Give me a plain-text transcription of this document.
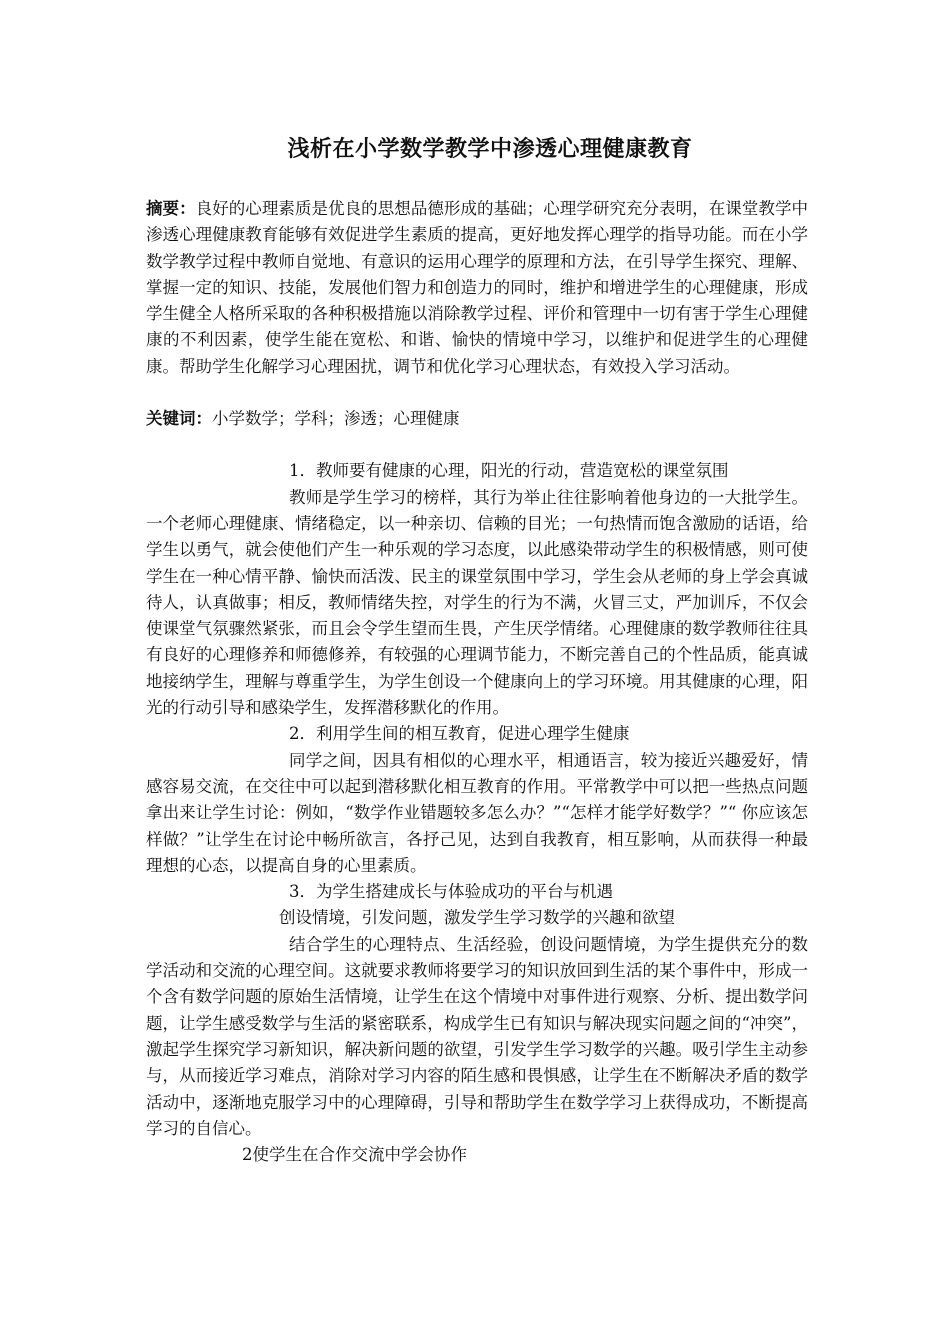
浅析在小学数学教学中渗透心理健康教育

摘要：良好的心理素质是优良的思想品德形成的基础；心理学研究充分表明，在课堂教学中渗透心理健康教育能够有效促进学生素质的提高，更好地发挥心理学的指导功能。而在小学数学教学过程中教师自觉地、有意识的运用心理学的原理和方法，在引导学生探究、理解、掌握一定的知识、技能，发展他们智力和创造力的同时，维护和增进学生的心理健康，形成学生健全人格所采取的各种积极措施以消除教学过程、评价和管理中一切有害于学生心理健康的不利因素，使学生能在宽松、和谐、愉快的情境中学习，以维护和促进学生的心理健康。帮助学生化解学习心理困扰，调节和优化学习心理状态，有效投入学习活动。

关键词：小学数学；学科；渗透；心理健康

1．教师要有健康的心理，阳光的行动，营造宽松的课堂氛围

教师是学生学习的榜样，其行为举止往往影响着他身边的一大批学生。一个老师心理健康、情绪稳定，以一种亲切、信赖的目光；一句热情而饱含激励的话语，给学生以勇气，就会使他们产生一种乐观的学习态度，以此感染带动学生的积极情感，则可使学生在一种心情平静、愉快而活泼、民主的课堂氛围中学习，学生会从老师的身上学会真诚待人，认真做事；相反，教师情绪失控，对学生的行为不满，火冒三丈，严加训斥，不仅会使课堂气氛骤然紧张，而且会令学生望而生畏，产生厌学情绪。心理健康的数学教师往往具有良好的心理修养和师德修养，有较强的心理调节能力，不断完善自己的个性品质，能真诚地接纳学生，理解与尊重学生，为学生创设一个健康向上的学习环境。用其健康的心理，阳光的行动引导和感染学生，发挥潜移默化的作用。

2．利用学生间的相互教育，促进心理学生健康

同学之间，因具有相似的心理水平，相通语言，较为接近兴趣爱好，情感容易交流，在交往中可以起到潜移默化相互教育的作用。平常教学中可以把一些热点问题拿出来让学生讨论：例如，“数学作业错题较多怎么办？”“怎样才能学好数学？”“ 你应该怎样做？”让学生在讨论中畅所欲言，各抒己见，达到自我教育，相互影响，从而获得一种最理想的心态，以提高自身的心里素质。

3．为学生搭建成长与体验成功的平台与机遇

创设情境，引发问题，激发学生学习数学的兴趣和欲望

结合学生的心理特点、生活经验，创设问题情境，为学生提供充分的数学活动和交流的心理空间。这就要求教师将要学习的知识放回到生活的某个事件中，形成一个含有数学问题的原始生活情境，让学生在这个情境中对事件进行观察、分析、提出数学问题，让学生感受数学与生活的紧密联系，构成学生已有知识与解决现实问题之间的“冲突”，激起学生探究学习新知识，解决新问题的欲望，引发学生学习数学的兴趣。吸引学生主动参与，从而接近学习难点，消除对学习内容的陌生感和畏惧感，让学生在不断解决矛盾的数学活动中，逐渐地克服学习中的心理障碍，引导和帮助学生在数学学习上获得成功，不断提高学习的自信心。

2使学生在合作交流中学会协作
